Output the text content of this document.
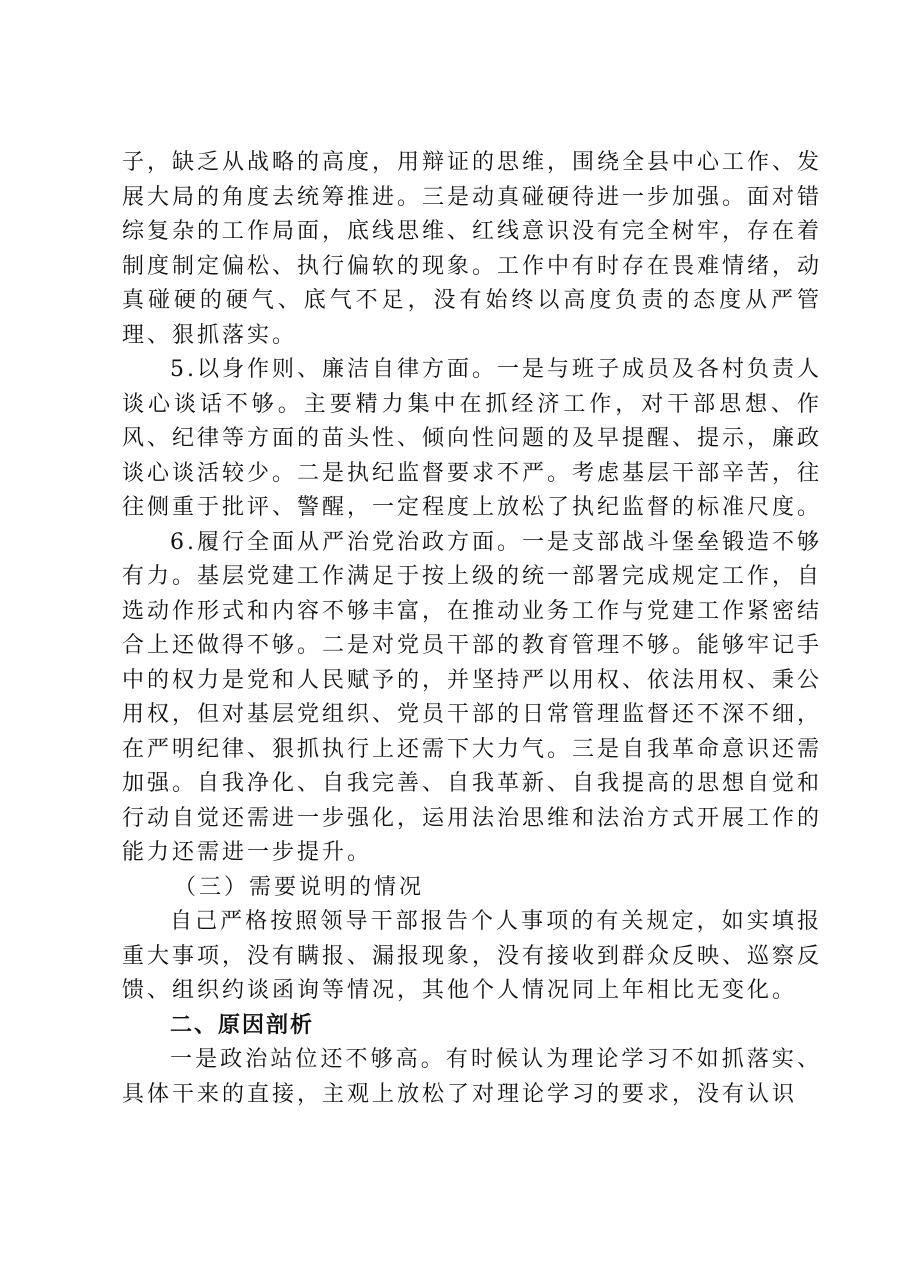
子，缺乏从战略的高度，用辩证的思维，围绕全县中心工作、发展大局的角度去统筹推进。三是动真碰硬待进一步加强。面对错综复杂的工作局面，底线思维、红线意识没有完全树牢，存在着制度制定偏松、执行偏软的现象。工作中有时存在畏难情绪，动真碰硬的硬气、底气不足，没有始终以高度负责的态度从严管理、狠抓落实。

5.以身作则、廉洁自律方面。一是与班子成员及各村负责人谈心谈话不够。主要精力集中在抓经济工作，对干部思想、作风、纪律等方面的苗头性、倾向性问题的及早提醒、提示，廉政谈心谈活较少。二是执纪监督要求不严。考虑基层干部辛苦，往往侧重于批评、警醒，一定程度上放松了执纪监督的标准尺度。

6.履行全面从严治党治政方面。一是支部战斗堡垒锻造不够有力。基层党建工作满足于按上级的统一部署完成规定工作，自选动作形式和内容不够丰富，在推动业务工作与党建工作紧密结合上还做得不够。二是对党员干部的教育管理不够。能够牢记手中的权力是党和人民赋予的，并坚持严以用权、依法用权、秉公用权，但对基层党组织、党员干部的日常管理监督还不深不细，在严明纪律、狠抓执行上还需下大力气。三是自我革命意识还需加强。自我净化、自我完善、自我革新、自我提高的思想自觉和行动自觉还需进一步强化，运用法治思维和法治方式开展工作的能力还需进一步提升。

（三）需要说明的情况

自己严格按照领导干部报告个人事项的有关规定，如实填报重大事项，没有瞒报、漏报现象，没有接收到群众反映、巡察反馈、组织约谈函询等情况，其他个人情况同上年相比无变化。

二、原因剖析

一是政治站位还不够高。有时候认为理论学习不如抓落实、具体干来的直接，主观上放松了对理论学习的要求，没有认识
